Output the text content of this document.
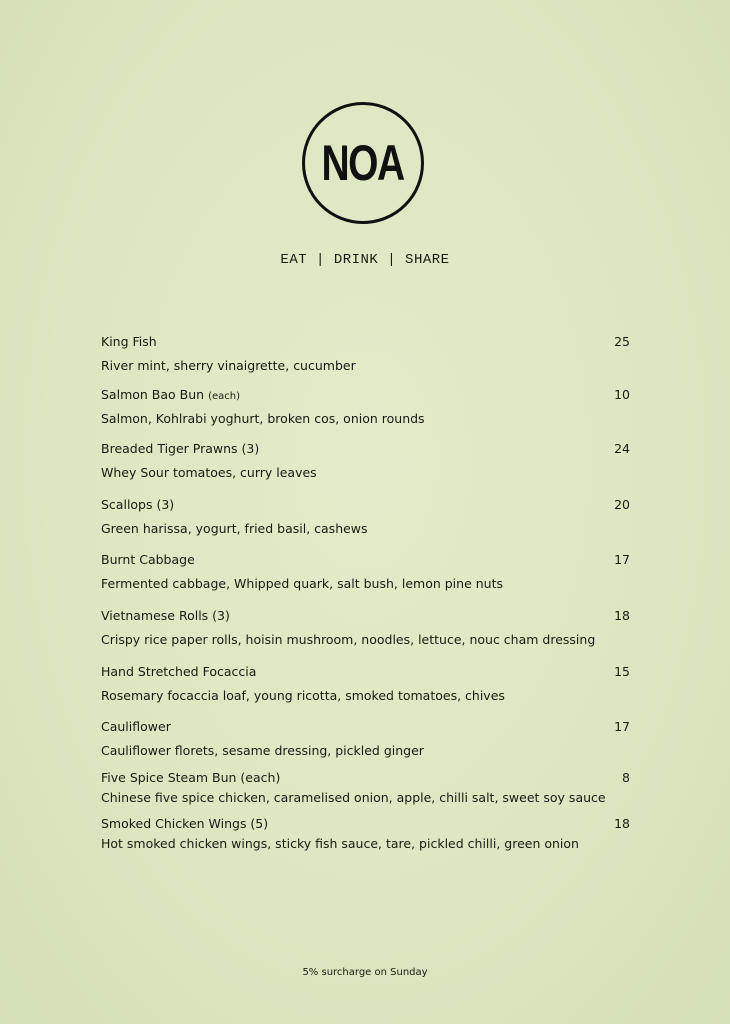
NOA
EAT | DRINK | SHARE
King Fish	25
River mint, sherry vinaigrette, cucumber
Salmon Bao Bun (each)	10
Salmon, Kohlrabi yoghurt, broken cos, onion rounds
Breaded Tiger Prawns (3)	24
Whey Sour tomatoes, curry leaves
Scallops (3)	20
Green harissa, yogurt, fried basil, cashews
Burnt Cabbage	17
Fermented cabbage, Whipped quark, salt bush, lemon pine nuts
Vietnamese Rolls (3)	18
Crispy rice paper rolls, hoisin mushroom, noodles, lettuce, nouc cham dressing
Hand Stretched Focaccia	15
Rosemary focaccia loaf, young ricotta, smoked tomatoes, chives
Cauliflower	17
Cauliflower florets, sesame dressing, pickled ginger
Five Spice Steam Bun (each)	8
Chinese five spice chicken, caramelised onion, apple, chilli salt, sweet soy sauce
Smoked Chicken Wings (5)	18
Hot smoked chicken wings, sticky fish sauce, tare, pickled chilli, green onion
5% surcharge on Sunday
